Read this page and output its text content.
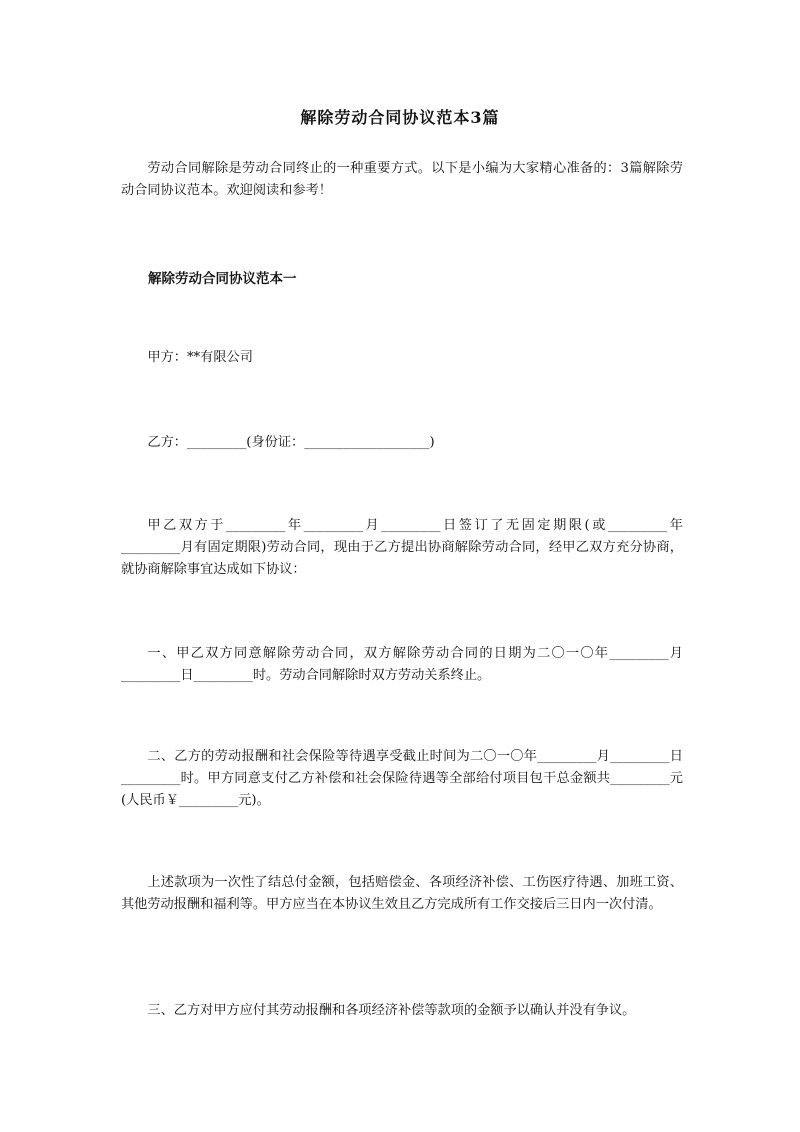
解除劳动合同协议范本3篇

劳动合同解除是劳动合同终止的一种重要方式。以下是小编为大家精心准备的：3篇解除劳动合同协议范本。欢迎阅读和参考！

解除劳动合同协议范本一

甲方：**有限公司

乙方：_________(身份证：___________________)

甲乙双方于_________年_________月_________日签订了无固定期限(或_________年_________月有固定期限)劳动合同，现由于乙方提出协商解除劳动合同，经甲乙双方充分协商，就协商解除事宜达成如下协议：

一、甲乙双方同意解除劳动合同，双方解除劳动合同的日期为二〇一〇年_________月_________日_________时。劳动合同解除时双方劳动关系终止。

二、乙方的劳动报酬和社会保险等待遇享受截止时间为二〇一〇年_________月_________日_________时。甲方同意支付乙方补偿和社会保险待遇等全部给付项目包干总金额共_________元(人民币￥_________元)。

上述款项为一次性了结总付金额，包括赔偿金、各项经济补偿、工伤医疗待遇、加班工资、其他劳动报酬和福利等。甲方应当在本协议生效且乙方完成所有工作交接后三日内一次付清。

三、乙方对甲方应付其劳动报酬和各项经济补偿等款项的金额予以确认并没有争议。
